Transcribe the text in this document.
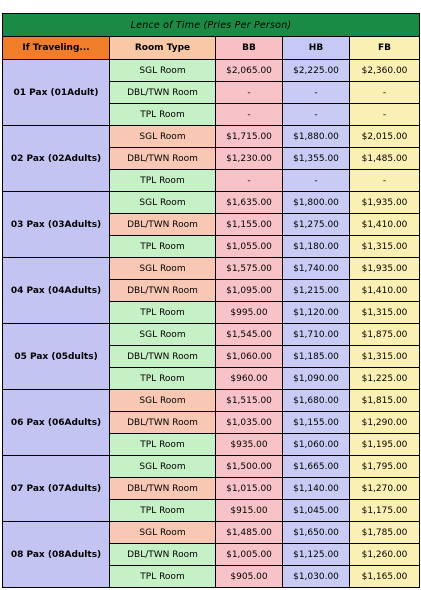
Lence of Time (Pries Per Person)				
If Traveling...	Room Type	BB	HB	FB
01 Pax (01Adult)	SGL Room	$2,065.00	$2,225.00	$2,360.00
	DBL/TWN Room	-	-	-
	TPL Room	-	-	-
02 Pax (02Adults)	SGL Room	$1,715.00	$1,880.00	$2,015.00
	DBL/TWN Room	$1,230.00	$1,355.00	$1,485.00
	TPL Room	-	-	-
03 Pax (03Adults)	SGL Room	$1,635.00	$1,800.00	$1,935.00
	DBL/TWN Room	$1,155.00	$1,275.00	$1,410.00
	TPL Room	$1,055.00	$1,180.00	$1,315.00
04 Pax (04Adults)	SGL Room	$1,575.00	$1,740.00	$1,935.00
	DBL/TWN Room	$1,095.00	$1,215.00	$1,410.00
	TPL Room	$995.00	$1,120.00	$1,315.00
05 Pax (05dults)	SGL Room	$1,545.00	$1,710.00	$1,875.00
	DBL/TWN Room	$1,060.00	$1,185.00	$1,315.00
	TPL Room	$960.00	$1,090.00	$1,225.00
06 Pax (06Adults)	SGL Room	$1,515.00	$1,680.00	$1,815.00
	DBL/TWN Room	$1,035.00	$1,155.00	$1,290.00
	TPL Room	$935.00	$1,060.00	$1,195.00
07 Pax (07Adults)	SGL Room	$1,500.00	$1,665.00	$1,795.00
	DBL/TWN Room	$1,015.00	$1,140.00	$1,270.00
	TPL Room	$915.00	$1,045.00	$1,175.00
08 Pax (08Adults)	SGL Room	$1,485.00	$1,650.00	$1,785.00
	DBL/TWN Room	$1,005.00	$1,125.00	$1,260.00
	TPL Room	$905.00	$1,030.00	$1,165.00
